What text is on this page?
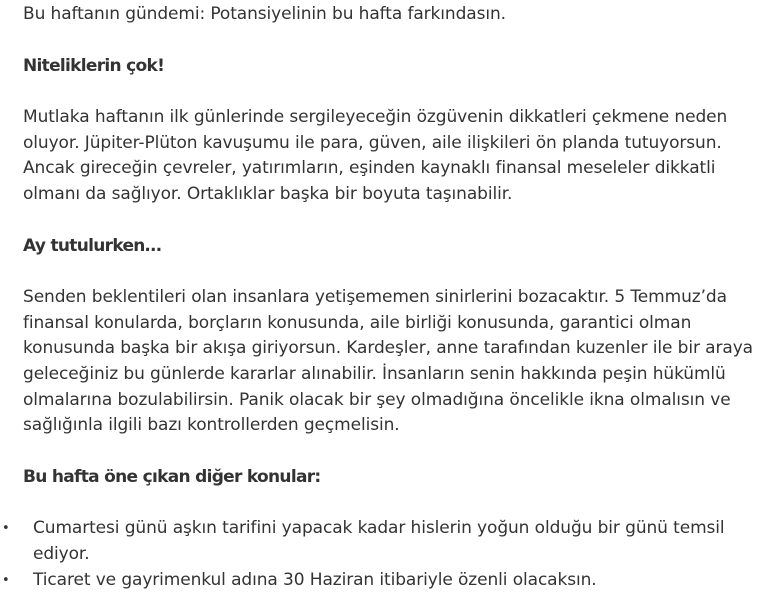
Bu haftanın gündemi: Potansiyelinin bu hafta farkındasın.

Niteliklerin çok!

Mutlaka haftanın ilk günlerinde sergileyeceğin özgüvenin dikkatleri çekmene neden oluyor. Jüpiter-Plüton kavuşumu ile para, güven, aile ilişkileri ön planda tutuyorsun. Ancak gireceğin çevreler, yatırımların, eşinden kaynaklı finansal meseleler dikkatli olmanı da sağlıyor. Ortaklıklar başka bir boyuta taşınabilir.

Ay tutulurken…

Senden beklentileri olan insanlara yetişememen sinirlerini bozacaktır. 5 Temmuz’da finansal konularda, borçların konusunda, aile birliği konusunda, garantici olman konusunda başka bir akışa giriyorsun. Kardeşler, anne tarafından kuzenler ile bir araya geleceğiniz bu günlerde kararlar alınabilir. İnsanların senin hakkında peşin hükümlü olmalarına bozulabilirsin. Panik olacak bir şey olmadığına öncelikle ikna olmalısın ve sağlığınla ilgili bazı kontrollerden geçmelisin.

Bu hafta öne çıkan diğer konular:

• Cumartesi günü aşkın tarifini yapacak kadar hislerin yoğun olduğu bir günü temsil ediyor.
• Ticaret ve gayrimenkul adına 30 Haziran itibariyle özenli olacaksın.
